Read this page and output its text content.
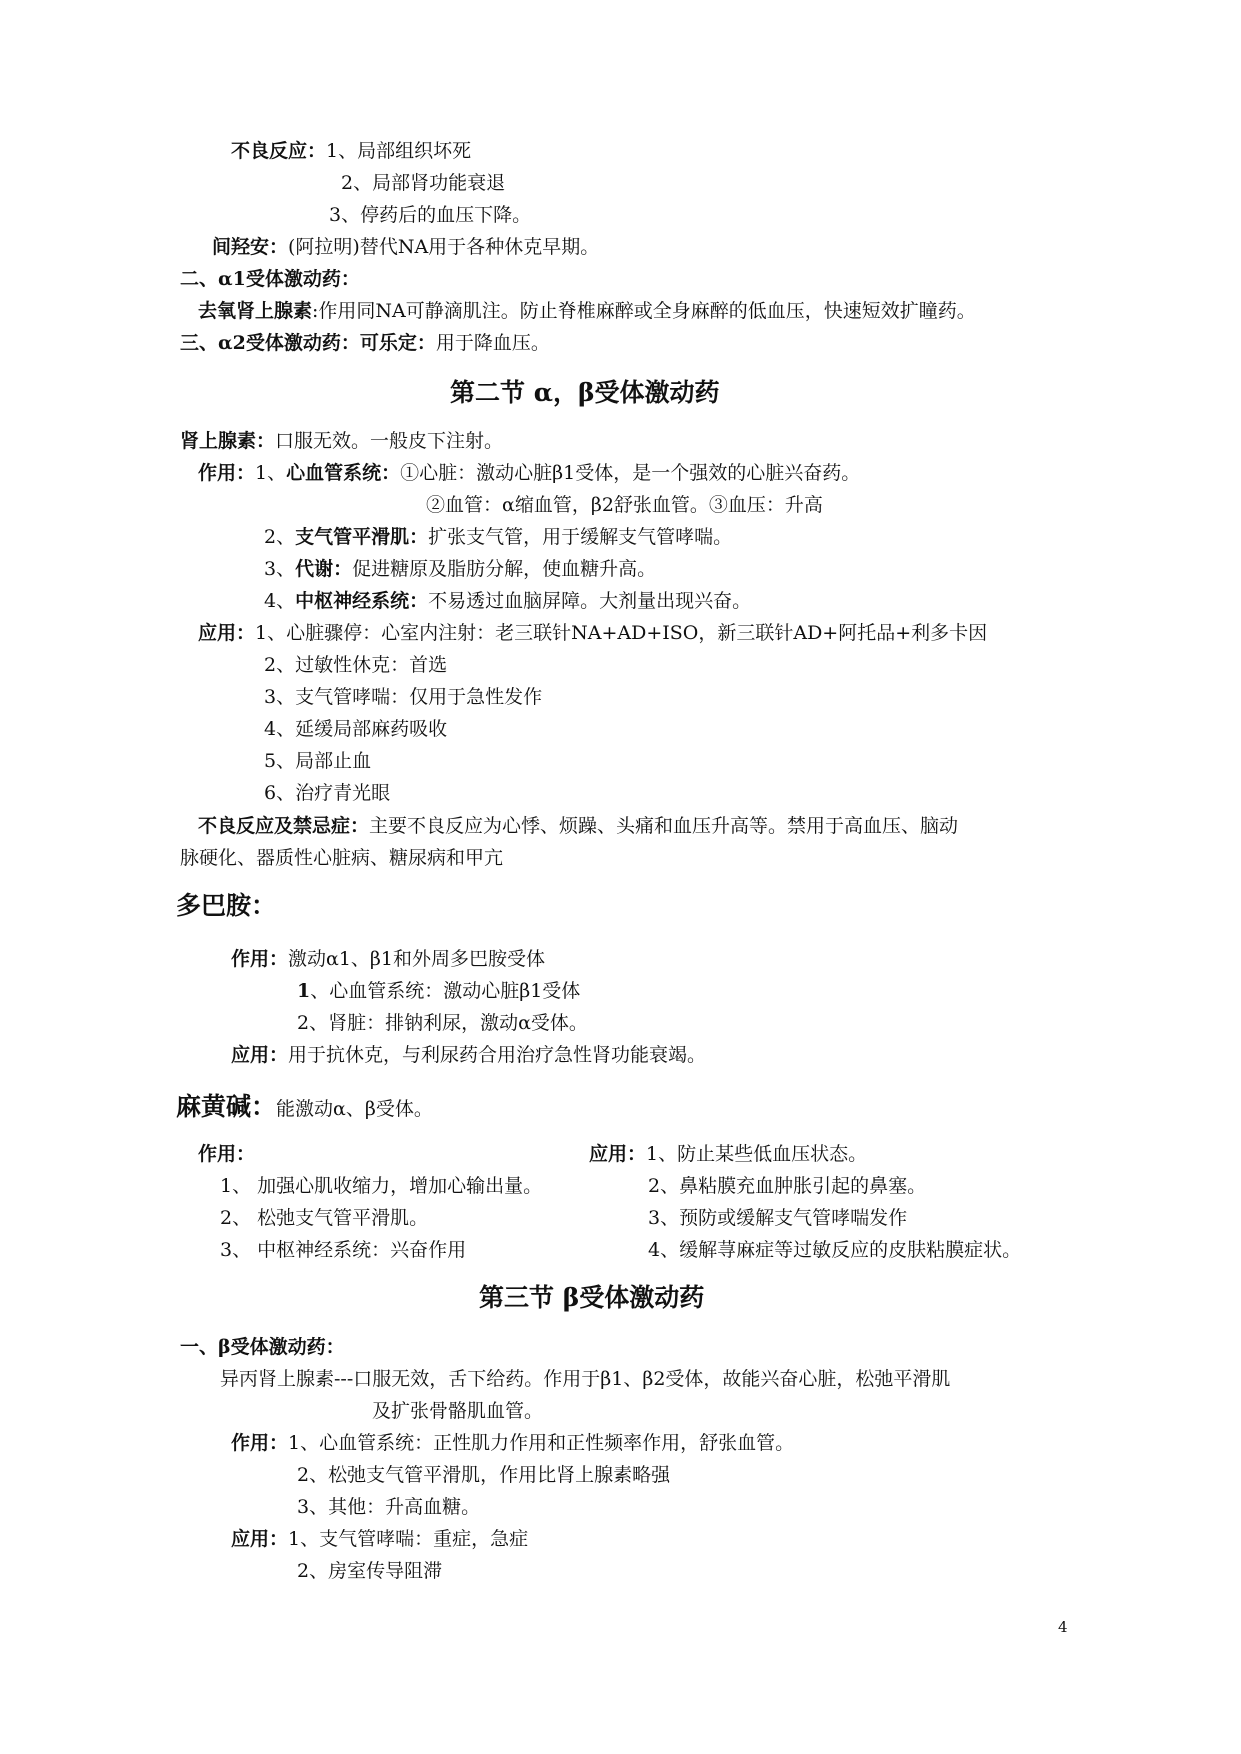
不良反应：1、局部组织坏死
2、局部肾功能衰退
3、停药后的血压下降。
间羟安：(阿拉明)替代NA用于各种休克早期。
二、α1受体激动药：
去氧肾上腺素:作用同NA可静滴肌注。防止脊椎麻醉或全身麻醉的低血压，快速短效扩瞳药。
三、α2受体激动药：可乐定：用于降血压。
第二节 α，β受体激动药
肾上腺素：口服无效。一般皮下注射。
作用：1、心血管系统：①心脏：激动心脏β1受体，是一个强效的心脏兴奋药。
②血管：α缩血管，β2舒张血管。③血压：升高
2、支气管平滑肌：扩张支气管，用于缓解支气管哮喘。
3、代谢：促进糖原及脂肪分解，使血糖升高。
4、中枢神经系统：不易透过血脑屏障。大剂量出现兴奋。
应用：1、心脏骤停：心室内注射：老三联针NA+AD+ISO，新三联针AD+阿托品+利多卡因
2、过敏性休克：首选
3、支气管哮喘：仅用于急性发作
4、延缓局部麻药吸收
5、局部止血
6、治疗青光眼
不良反应及禁忌症：主要不良反应为心悸、烦躁、头痛和血压升高等。禁用于高血压、脑动
脉硬化、器质性心脏病、糖尿病和甲亢
多巴胺：
作用：激动α1、β1和外周多巴胺受体
1、心血管系统：激动心脏β1受体
2、肾脏：排钠利尿，激动α受体。
应用：用于抗休克，与利尿药合用治疗急性肾功能衰竭。
麻黄碱：能激动α、β受体。
作用：
1、 加强心肌收缩力，增加心输出量。
2、 松弛支气管平滑肌。
3、 中枢神经系统：兴奋作用
应用：1、防止某些低血压状态。
2、鼻粘膜充血肿胀引起的鼻塞。
3、预防或缓解支气管哮喘发作
4、缓解荨麻症等过敏反应的皮肤粘膜症状。
第三节 β受体激动药
一、β受体激动药：
异丙肾上腺素---口服无效，舌下给药。作用于β1、β2受体，故能兴奋心脏，松弛平滑肌
及扩张骨骼肌血管。
作用：1、心血管系统：正性肌力作用和正性频率作用，舒张血管。
2、松弛支气管平滑肌，作用比肾上腺素略强
3、其他：升高血糖。
应用：1、支气管哮喘：重症，急症
2、房室传导阻滞
4
